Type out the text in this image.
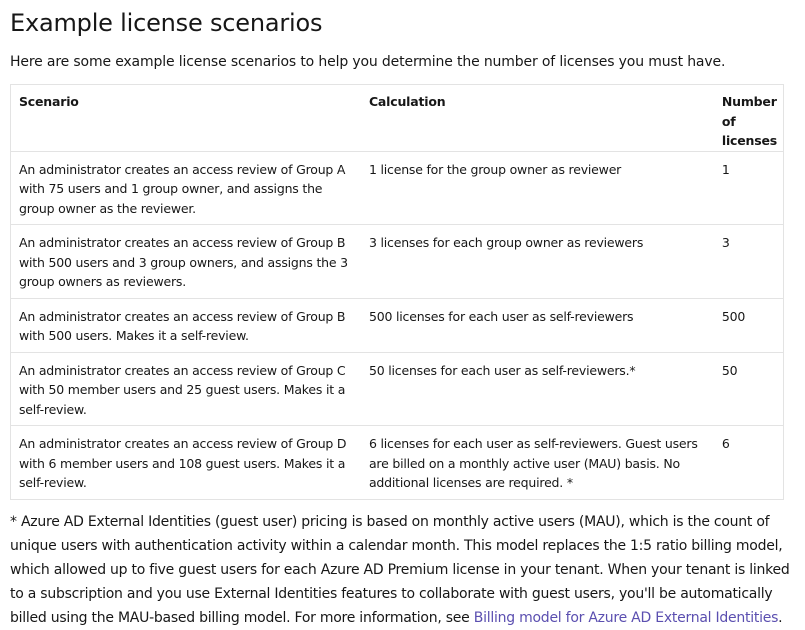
Example license scenarios

Here are some example license scenarios to help you determine the number of licenses you must have.

Scenario	Calculation	Number of licenses
An administrator creates an access review of Group A with 75 users and 1 group owner, and assigns the group owner as the reviewer.	1 license for the group owner as reviewer	1
An administrator creates an access review of Group B with 500 users and 3 group owners, and assigns the 3 group owners as reviewers.	3 licenses for each group owner as reviewers	3
An administrator creates an access review of Group B with 500 users. Makes it a self-review.	500 licenses for each user as self-reviewers	500
An administrator creates an access review of Group C with 50 member users and 25 guest users. Makes it a self-review.	50 licenses for each user as self-reviewers.*	50
An administrator creates an access review of Group D with 6 member users and 108 guest users. Makes it a self-review.	6 licenses for each user as self-reviewers. Guest users are billed on a monthly active user (MAU) basis. No additional licenses are required. *	6

* Azure AD External Identities (guest user) pricing is based on monthly active users (MAU), which is the count of unique users with authentication activity within a calendar month. This model replaces the 1:5 ratio billing model, which allowed up to five guest users for each Azure AD Premium license in your tenant. When your tenant is linked to a subscription and you use External Identities features to collaborate with guest users, you'll be automatically billed using the MAU-based billing model. For more information, see Billing model for Azure AD External Identities.
